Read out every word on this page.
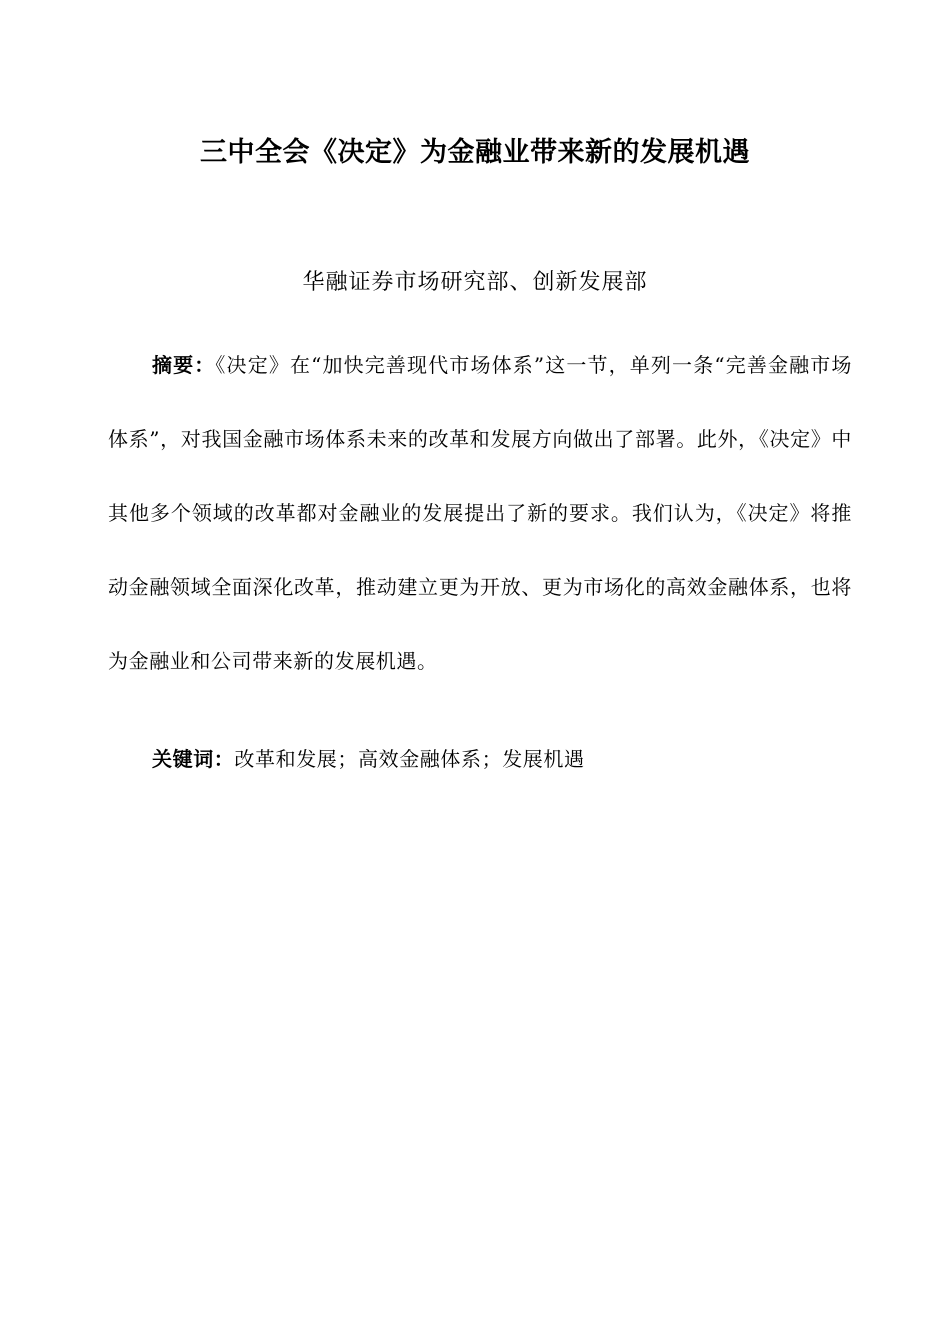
三中全会《决定》为金融业带来新的发展机遇

华融证券市场研究部、创新发展部

摘要：《决定》在“加快完善现代市场体系”这一节，单列一条“完善金融市场体系”，对我国金融市场体系未来的改革和发展方向做出了部署。此外，《决定》中其他多个领域的改革都对金融业的发展提出了新的要求。我们认为，《决定》将推动金融领域全面深化改革，推动建立更为开放、更为市场化的高效金融体系，也将为金融业和公司带来新的发展机遇。

关键词：改革和发展；高效金融体系；发展机遇
